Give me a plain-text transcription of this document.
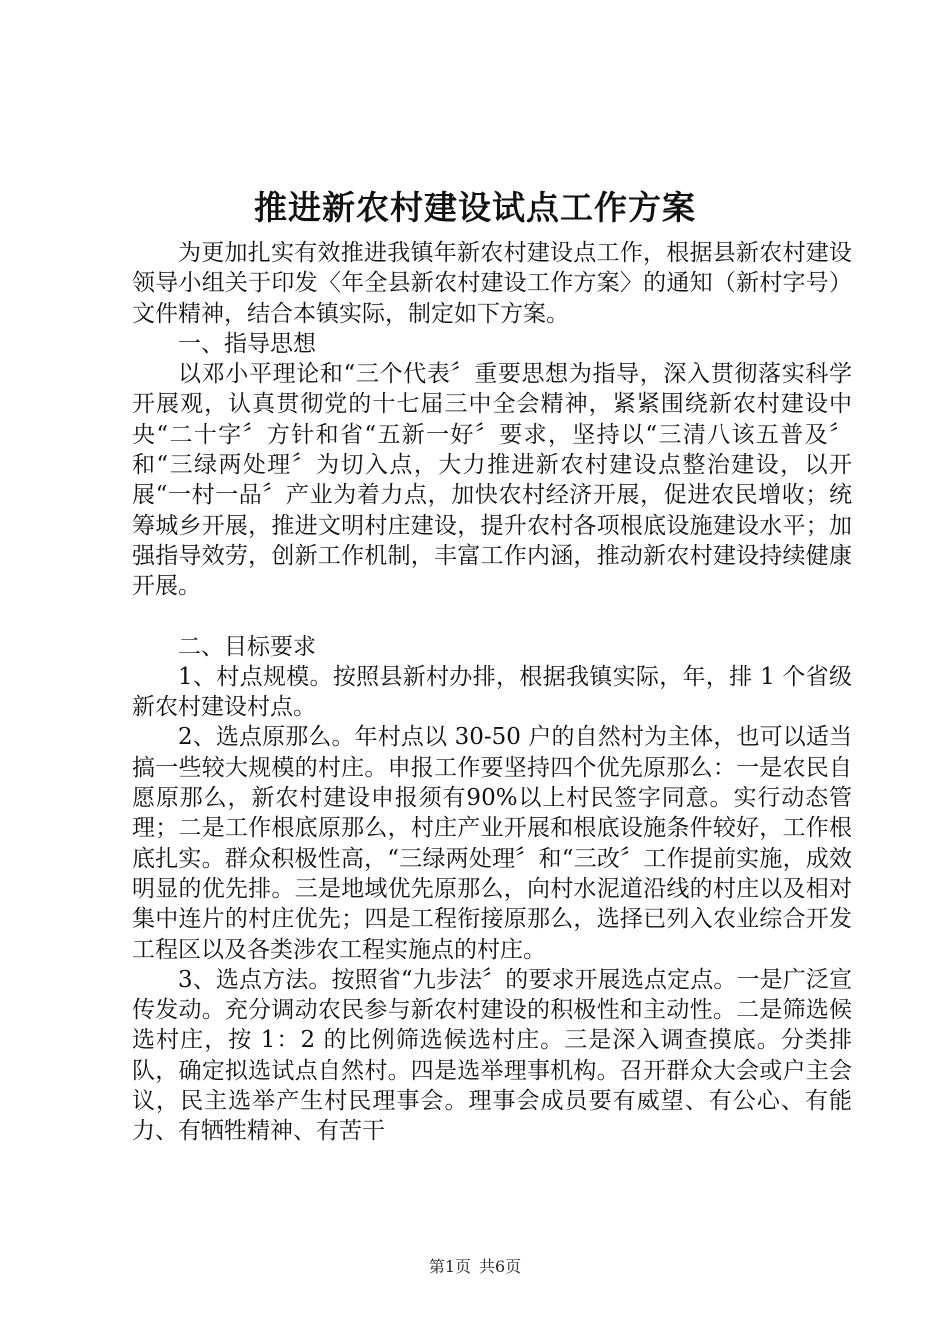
推进新农村建设试点工作方案

为更加扎实有效推进我镇年新农村建设点工作，根据县新农村建设领导小组关于印发〈年全县新农村建设工作方案〉的通知（新村字号）文件精神，结合本镇实际，制定如下方案。

一、指导思想

以邓小平理论和“三个代表〞重要思想为指导，深入贯彻落实科学开展观，认真贯彻党的十七届三中全会精神，紧紧围绕新农村建设中央“二十字〞方针和省“五新一好〞要求，坚持以“三清八该五普及〞和“三绿两处理〞为切入点，大力推进新农村建设点整治建设，以开展“一村一品〞产业为着力点，加快农村经济开展，促进农民增收；统筹城乡开展，推进文明村庄建设，提升农村各项根底设施建设水平；加强指导效劳，创新工作机制，丰富工作内涵，推动新农村建设持续健康开展。

二、目标要求

1、村点规模。按照县新村办排，根据我镇实际，年，排 1 个省级新农村建设村点。

2、选点原那么。年村点以 30-50 户的自然村为主体，也可以适当搞一些较大规模的村庄。申报工作要坚持四个优先原那么：一是农民自愿原那么，新农村建设申报须有90%以上村民签字同意。实行动态管理；二是工作根底原那么，村庄产业开展和根底设施条件较好，工作根底扎实。群众积极性高，“三绿两处理〞和“三改〞工作提前实施，成效明显的优先排。三是地域优先原那么，向村水泥道沿线的村庄以及相对集中连片的村庄优先；四是工程衔接原那么，选择已列入农业综合开发工程区以及各类涉农工程实施点的村庄。

3、选点方法。按照省“九步法〞的要求开展选点定点。一是广泛宣传发动。充分调动农民参与新农村建设的积极性和主动性。二是筛选候选村庄，按 1：2 的比例筛选候选村庄。三是深入调查摸底。分类排队，确定拟选试点自然村。四是选举理事机构。召开群众大会或户主会议，民主选举产生村民理事会。理事会成员要有威望、有公心、有能力、有牺牲精神、有苦干

第1页 共6页
